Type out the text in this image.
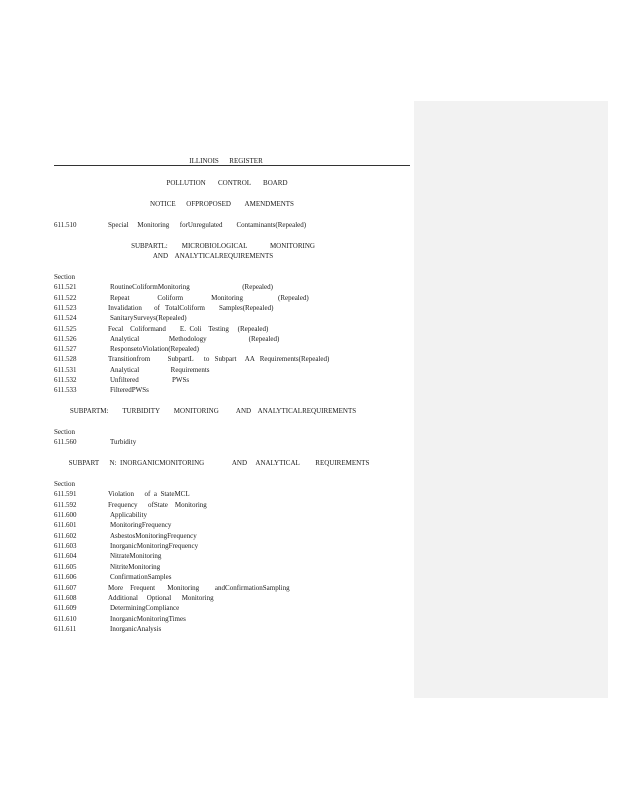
ILLINOIS      REGISTER
POLLUTION       CONTROL       BOARD
NOTICE      OFPROPOSED        AMENDMENTS
611.510	Special     Monitoring      forUnregulated        Contaminants(Repealed)
SUBPARTL:        MICROBIOLOGICAL             MONITORING
AND    ANALYTICALREQUIREMENTS
Section
611.521	RoutineColiformMonitoring                              (Repealed)
611.522	Repeat                Coliform                Monitoring                    (Repealed)
611.523	Invalidation       of   TotalColiform        Samples(Repealed)
611.524	SanitarySurveys(Repealed)
611.525	Fecal    Coliformand        E.  Coli    Testing     (Repealed)
611.526	Analytical                 Methodology                        (Repealed)
611.527	ResponsetoViolation(Repealed)
611.528	Transitionfrom          SubpartL      to   Subpart     AA   Requirements(Repealed)
611.531	Analytical                  Requirements
611.532	Unfiltered                   PWSs
611.533	FilteredPWSs
SUBPARTM:        TURBIDITY        MONITORING          AND    ANALYTICALREQUIREMENTS
Section
611.560	Turbidity
SUBPART      N:  INORGANICMONITORING                AND     ANALYTICAL         REQUIREMENTS
Section
611.591	Violation      of  a  StateMCL
611.592	Frequency      ofState    Monitoring
611.600	Applicability
611.601	MonitoringFrequency
611.602	AsbestosMonitoringFrequency
611.603	InorganicMonitoringFrequency
611.604	NitrateMonitoring
611.605	NitriteMonitoring
611.606	ConfirmationSamples
611.607	More    Frequent       Monitoring         andConfirmationSampling
611.608	Additional     Optional      Monitoring
611.609	DeterminingCompliance
611.610	InorganicMonitoringTimes
611.611	InorganicAnalysis
